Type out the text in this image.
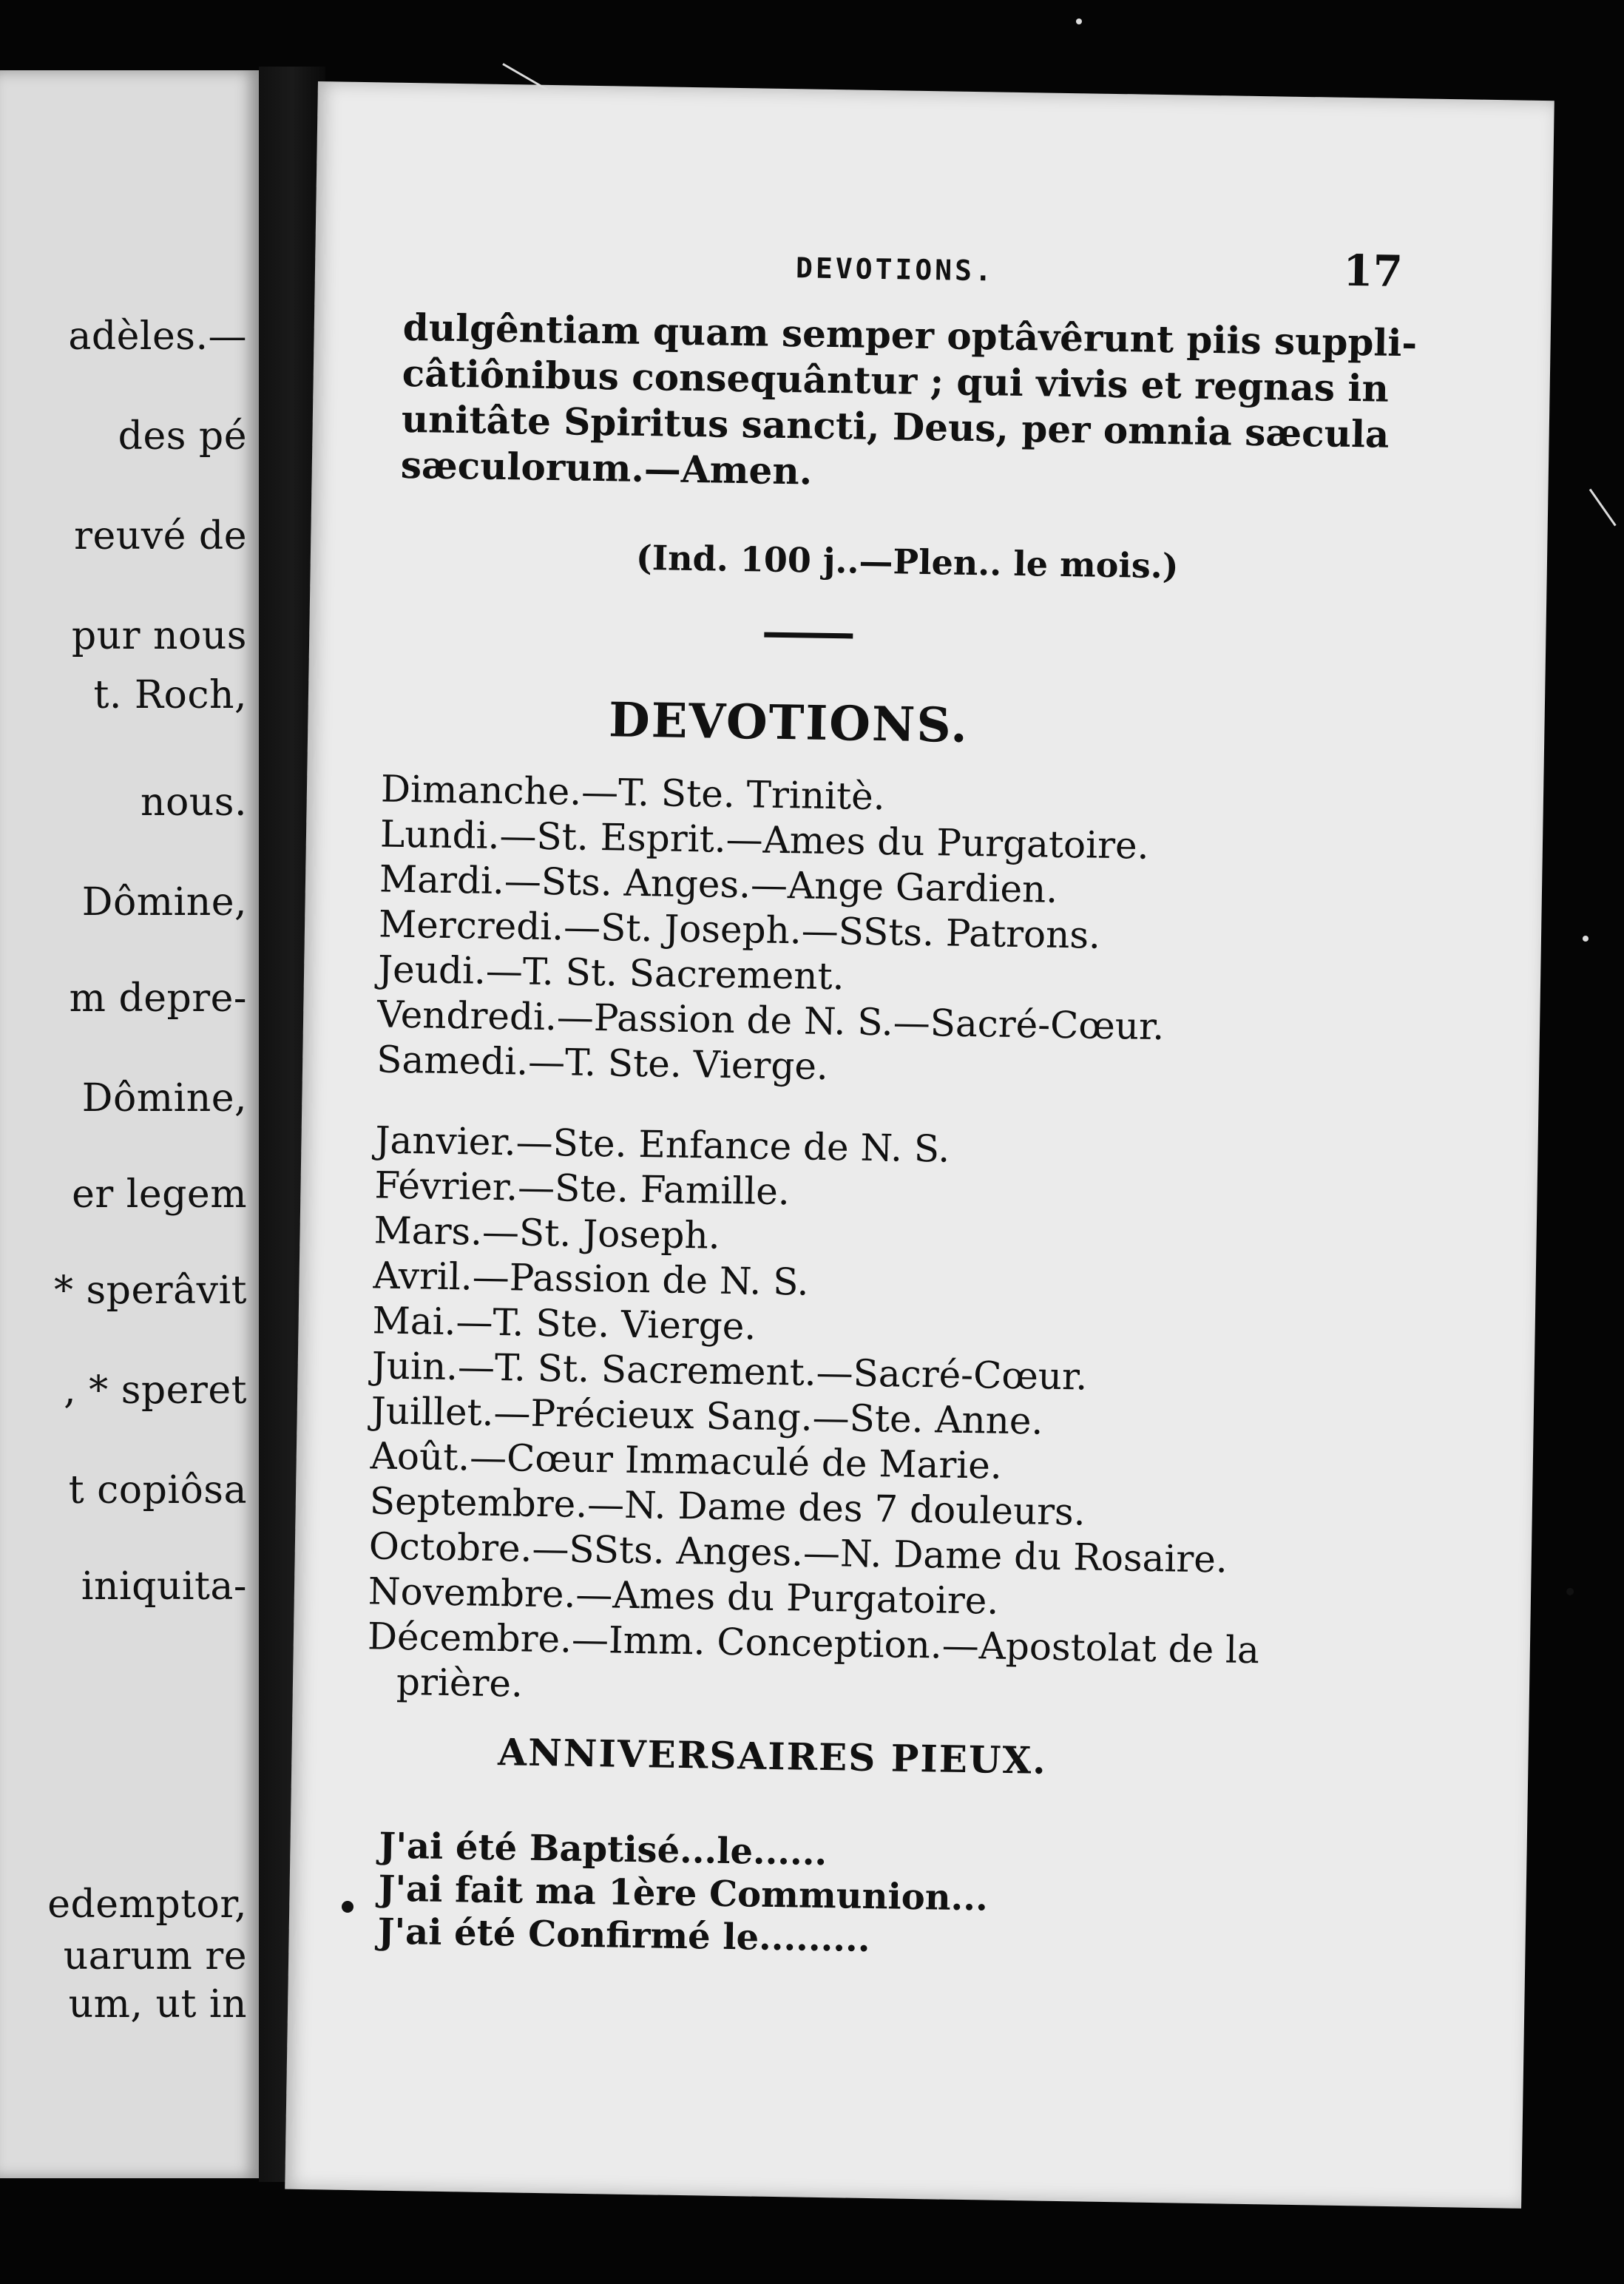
adèles.—

des pé

reuvé de

pur nous

t. Roch,

nous.

Dômine,

m depre-

Dômine,

er legem

* sperâvit

, * speret

t copiôsa

iniquita-

edemptor,

uarum re

um, ut in

DEVOTIONS.	17

dulgêntiam quam semper optâvêrunt piis suppli-
câtiônibus consequântur ; qui vivis et regnas in
unitâte Spiritus sancti, Deus, per omnia sæcula
sæculorum.—Amen.

(Ind. 100 j..—Plen.. le mois.)
DEVOTIONS.
Dimanche.—T. Ste. Trinitè.
Lundi.—St. Esprit.—Ames du Purgatoire.
Mardi.—Sts. Anges.—Ange Gardien.
Mercredi.—St. Joseph.—SSts. Patrons.
Jeudi.—T. St. Sacrement.
Vendredi.—Passion de N. S.—Sacré-Cœur.
Samedi.—T. Ste. Vierge.
Janvier.—Ste. Enfance de N. S.
Février.—Ste. Famille.
Mars.—St. Joseph.
Avril.—Passion de N. S.
Mai.—T. Ste. Vierge.
Juin.—T. St. Sacrement.—Sacré-Cœur.
Juillet.—Précieux Sang.—Ste. Anne.
Août.—Cœur Immaculé de Marie.
Septembre.—N. Dame des 7 douleurs.
Octobre.—SSts. Anges.—N. Dame du Rosaire.
Novembre.—Ames du Purgatoire.
Décembre.—Imm. Conception.—Apostolat de la
prière.
ANNIVERSAIRES PIEUX.
J'ai été Baptisé...le......
J'ai fait ma 1ère Communion...
J'ai été Confirmé le.........
